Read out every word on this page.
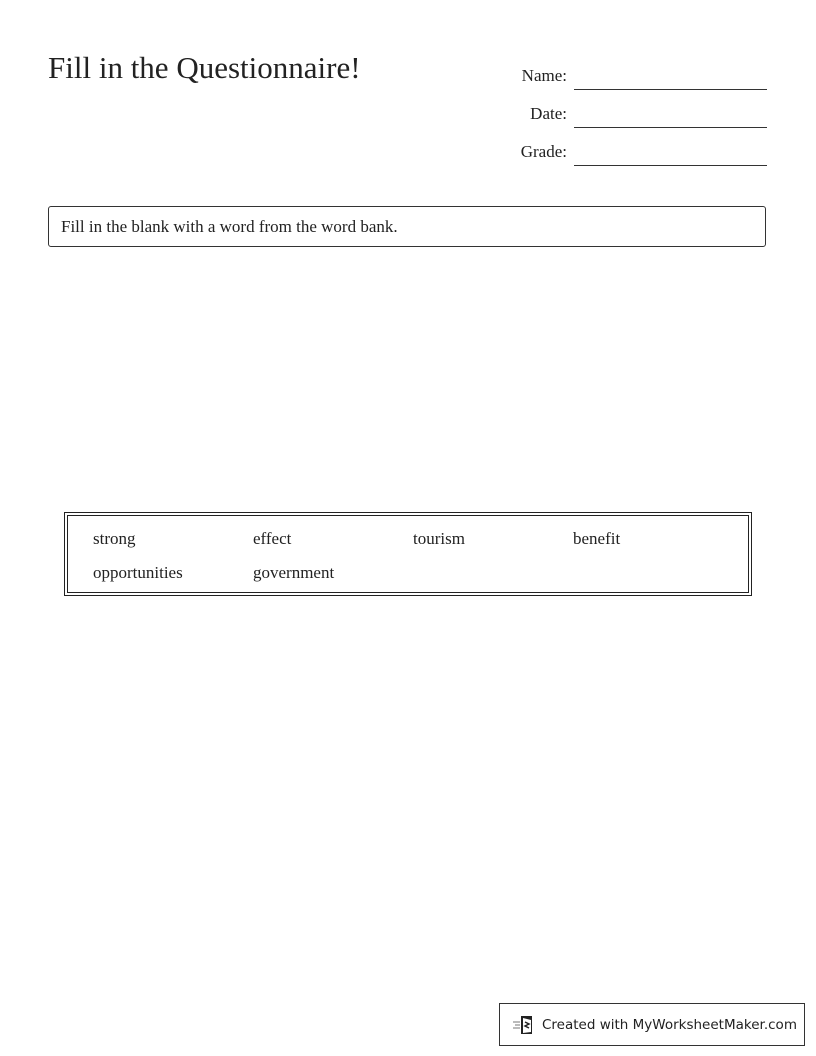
Fill in the Questionnaire!	Name:
Date:
Grade:
Fill in the blank with a word from the word bank.
strong	effect	tourism	benefit
opportunities	government
Created with MyWorksheetMaker.com
